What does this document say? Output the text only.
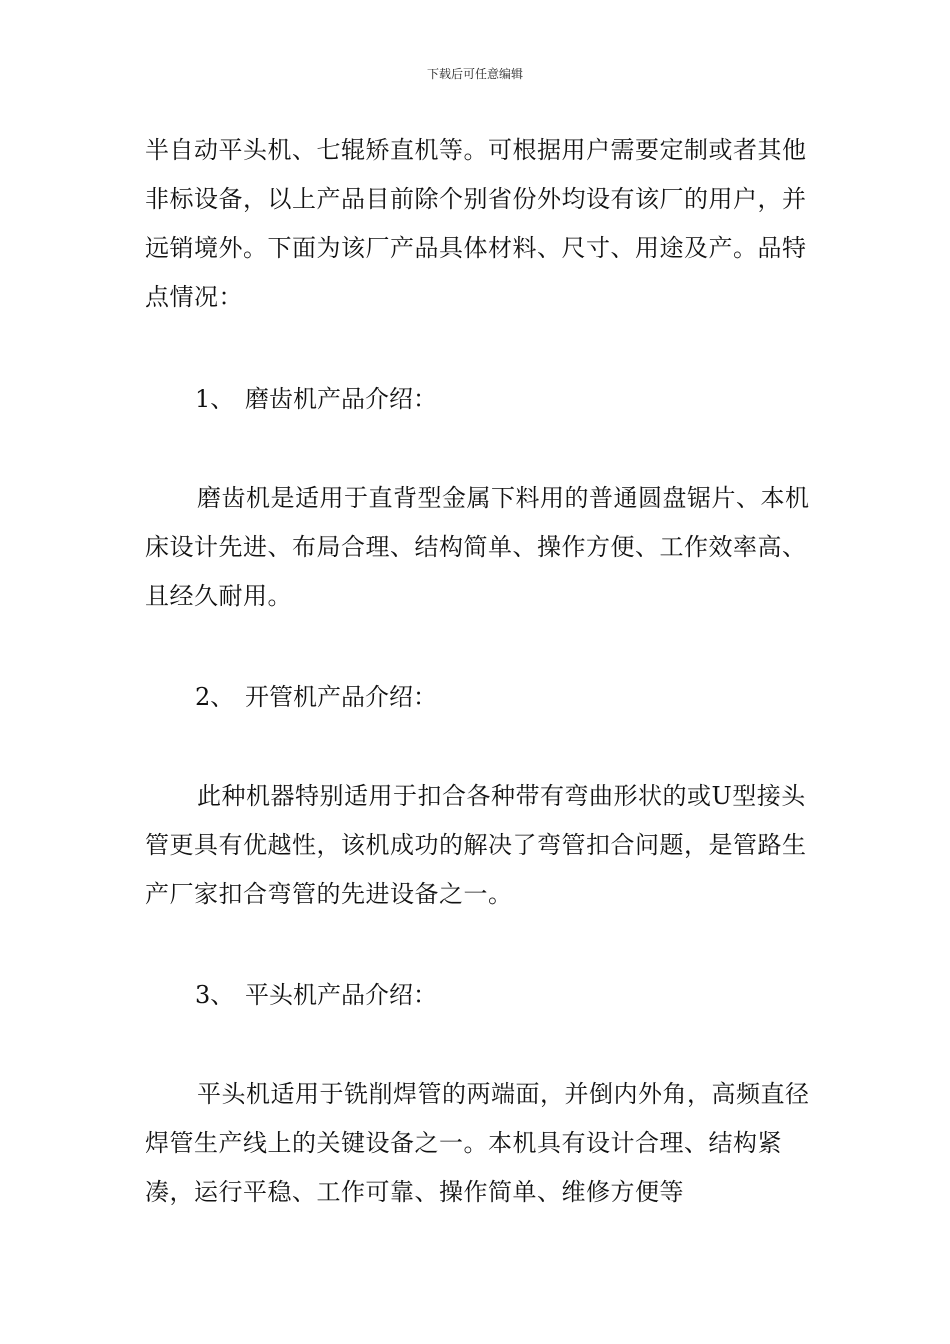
下载后可任意编辑
半自动平头机、七辊矫直机等。可根据用户需要定制或者其他非标设备，以上产品目前除个别省份外均设有该厂的用户，并远销境外。下面为该厂产品具体材料、尺寸、用途及产。品特点情况：
1、 磨齿机产品介绍：
磨齿机是适用于直背型金属下料用的普通圆盘锯片、本机床设计先进、布局合理、结构简单、操作方便、工作效率高、且经久耐用。
2、 开管机产品介绍：
此种机器特别适用于扣合各种带有弯曲形状的或U型接头管更具有优越性，该机成功的解决了弯管扣合问题，是管路生产厂家扣合弯管的先进设备之一。
3、 平头机产品介绍：
平头机适用于铣削焊管的两端面，并倒内外角，高频直径焊管生产线上的关键设备之一。本机具有设计合理、结构紧凑，运行平稳、工作可靠、操作简单、维修方便等
